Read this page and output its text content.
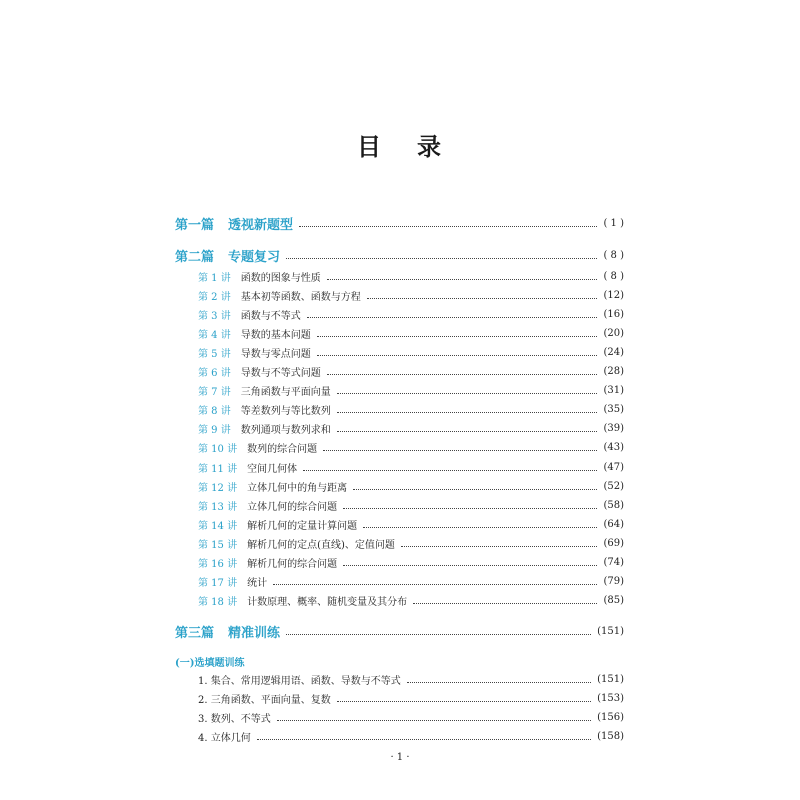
目 录
第一篇 透视新题型	( 1 )
第二篇 专题复习	( 8 )
第 1 讲 函数的图象与性质	( 8 )
第 2 讲 基本初等函数、函数与方程	(12)
第 3 讲 函数与不等式	(16)
第 4 讲 导数的基本问题	(20)
第 5 讲 导数与零点问题	(24)
第 6 讲 导数与不等式问题	(28)
第 7 讲 三角函数与平面向量	(31)
第 8 讲 等差数列与等比数列	(35)
第 9 讲 数列通项与数列求和	(39)
第 10 讲 数列的综合问题	(43)
第 11 讲 空间几何体	(47)
第 12 讲 立体几何中的角与距离	(52)
第 13 讲 立体几何的综合问题	(58)
第 14 讲 解析几何的定量计算问题	(64)
第 15 讲 解析几何的定点(直线)、定值问题	(69)
第 16 讲 解析几何的综合问题	(74)
第 17 讲 统计	(79)
第 18 讲 计数原理、概率、随机变量及其分布	(85)
第三篇 精准训练	(151)
(一)选填题训练
1. 集合、常用逻辑用语、函数、导数与不等式	(151)
2. 三角函数、平面向量、复数	(153)
3. 数列、不等式	(156)
4. 立体几何	(158)
· 1 ·
